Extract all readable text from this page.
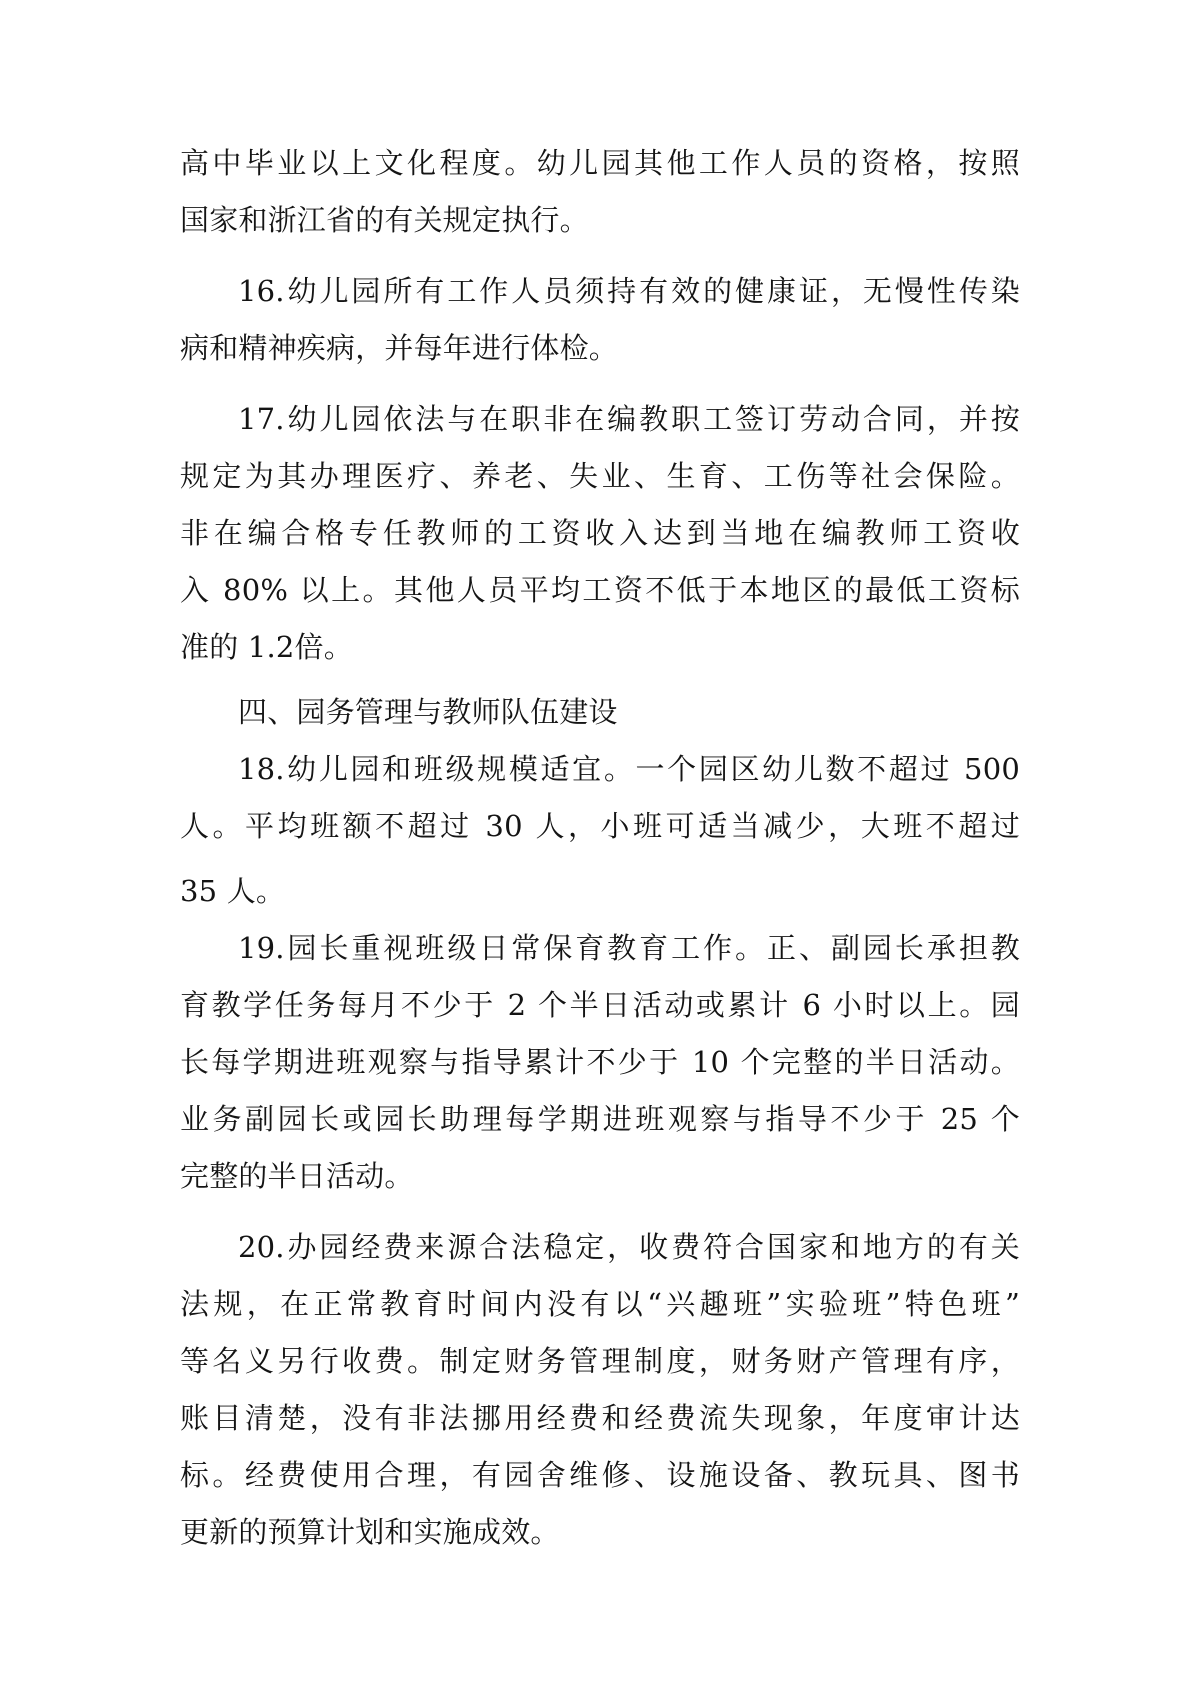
高中毕业以上文化程度。幼儿园其他工作人员的资格，按照
国家和浙江省的有关规定执行。
16.幼儿园所有工作人员须持有效的健康证，无慢性传染
病和精神疾病，并每年进行体检。
17.幼儿园依法与在职非在编教职工签订劳动合同，并按
规定为其办理医疗、养老、失业、生育、工伤等社会保险。
非在编合格专任教师的工资收入达到当地在编教师工资收
入 80% 以上。其他人员平均工资不低于本地区的最低工资标
准的 1.2倍。
四、园务管理与教师队伍建设
18.幼儿园和班级规模适宜。一个园区幼儿数不超过 500
人。平均班额不超过 30 人，小班可适当减少，大班不超过
35 人。
19.园长重视班级日常保育教育工作。正、副园长承担教
育教学任务每月不少于 2 个半日活动或累计 6 小时以上。园
长每学期进班观察与指导累计不少于 10 个完整的半日活动。
业务副园长或园长助理每学期进班观察与指导不少于 25 个
完整的半日活动。
20.办园经费来源合法稳定，收费符合国家和地方的有关
法规，在正常教育时间内没有以“兴趣班”实验班”特色班”
等名义另行收费。制定财务管理制度，财务财产管理有序，
账目清楚，没有非法挪用经费和经费流失现象，年度审计达
标。经费使用合理，有园舍维修、设施设备、教玩具、图书
更新的预算计划和实施成效。
